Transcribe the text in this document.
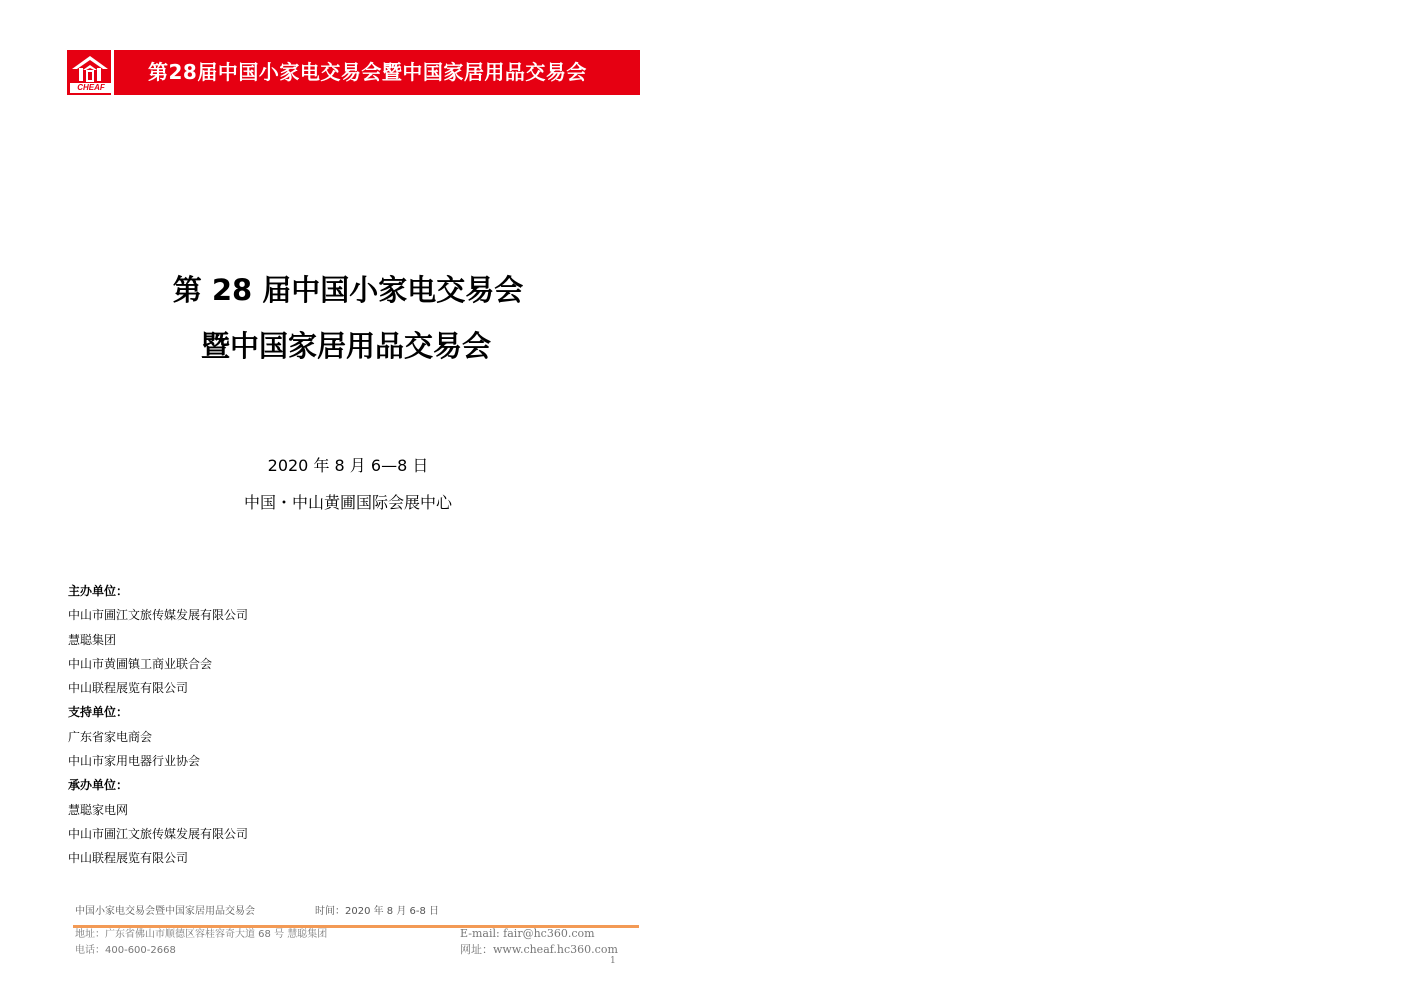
CHEAF
第28届中国小家电交易会暨中国家居用品交易会
第 28 届中国小家电交易会
暨中国家居用品交易会
2020 年 8 月 6—8 日
中国・中山黄圃国际会展中心
主办单位：
中山市圃江文旅传媒发展有限公司
慧聪集团
中山市黄圃镇工商业联合会
中山联程展览有限公司
支持单位：
广东省家电商会
中山市家用电器行业协会
承办单位：
慧聪家电网
中山市圃江文旅传媒发展有限公司
中山联程展览有限公司
中国小家电交易会暨中国家居用品交易会	时间：2020 年 8 月 6-8 日
地址：广东省佛山市顺德区容桂容奇大道 68 号 慧聪集团
电话：400-600-2668
E-mail: fair@hc360.com
网址：www.cheaf.hc360.com
1
